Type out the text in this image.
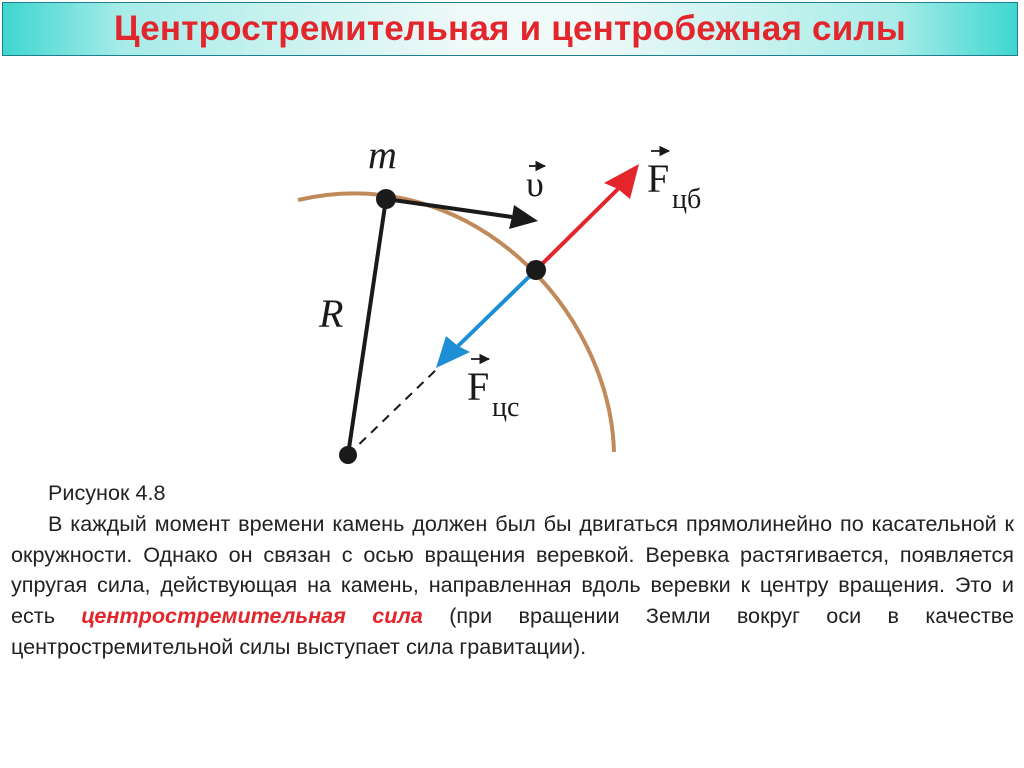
Центростремительная и центробежная силы
m
R
υ	F цб
F цс
Рисунок 4.8
В каждый момент времени камень должен был бы двигаться прямолинейно по касательной к окружности. Однако он связан с осью вращения веревкой. Веревка растягивается, появляется упругая сила, действующая на камень, направленная вдоль веревки к центру вращения. Это и есть центростремительная сила (при вращении Земли вокруг оси в качестве центростремительной силы выступает сила гравитации).
